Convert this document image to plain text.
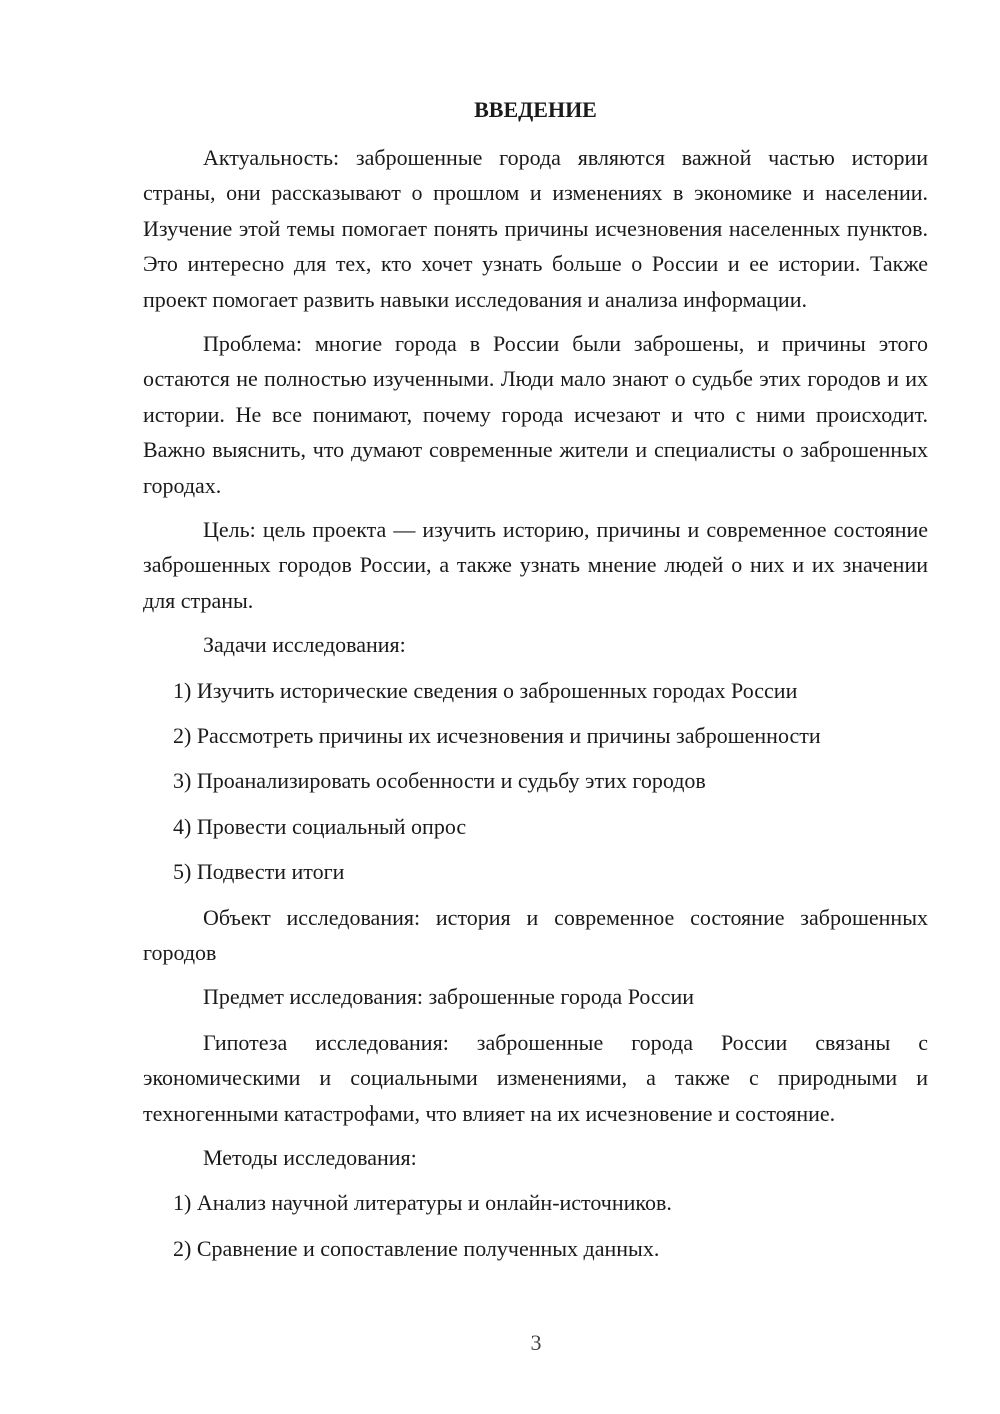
ВВЕДЕНИЕ

Актуальность: заброшенные города являются важной частью истории страны, они рассказывают о прошлом и изменениях в экономике и населении. Изучение этой темы помогает понять причины исчезновения населенных пунктов. Это интересно для тех, кто хочет узнать больше о России и ее истории. Также проект помогает развить навыки исследования и анализа информации.

Проблема: многие города в России были заброшены, и причины этого остаются не полностью изученными. Люди мало знают о судьбе этих городов и их истории. Не все понимают, почему города исчезают и что с ними происходит. Важно выяснить, что думают современные жители и специалисты о заброшенных городах.

Цель: цель проекта — изучить историю, причины и современное состояние заброшенных городов России, а также узнать мнение людей о них и их значении для страны.

Задачи исследования:

1) Изучить исторические сведения о заброшенных городах России

2) Рассмотреть причины их исчезновения и причины заброшенности

3) Проанализировать особенности и судьбу этих городов

4) Провести социальный опрос

5) Подвести итоги

Объект исследования: история и современное состояние заброшенных городов

Предмет исследования: заброшенные города России

Гипотеза исследования: заброшенные города России связаны с экономическими и социальными изменениями, а также с природными и техногенными катастрофами, что влияет на их исчезновение и состояние.

Методы исследования:

1) Анализ научной литературы и онлайн-источников.

2) Сравнение и сопоставление полученных данных.

3
